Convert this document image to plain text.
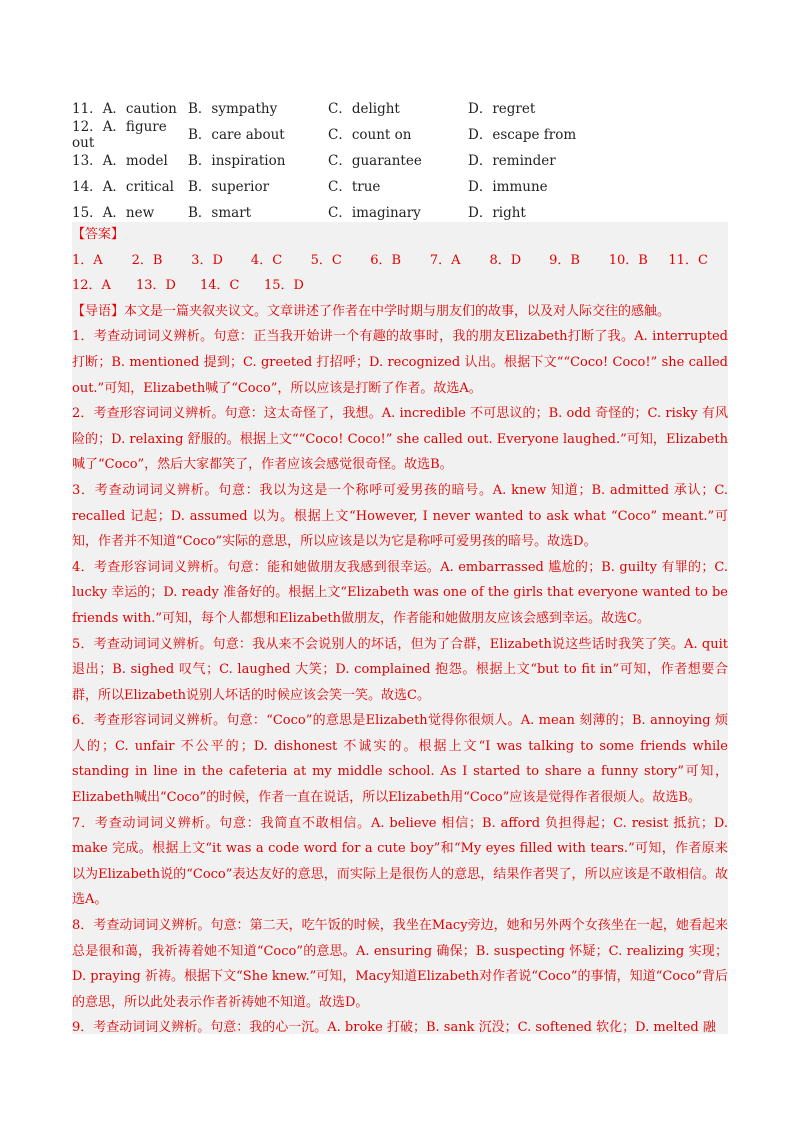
11．A．caution B．sympathy	C．delight	D．regret
12．A．figure out	B．care about	C．count on	D．escape from
13．A．model	B．inspiration	C．guarantee	D．reminder
14．A．critical	B．superior	C．true	D．immune
15．A．new	B．smart	C．imaginary	D．right
【答案】
1．A	2．B	3．D	4．C	5．C	6．B	7．A	8．D	9．B	10．B	11．C
12．A	13．D	14．C	15．D

【导语】本文是一篇夹叙夹议文。文章讲述了作者在中学时期与朋友们的故事，以及对人际交往的感触。

1．考查动词词义辨析。句意：正当我开始讲一个有趣的故事时，我的朋友Elizabeth打断了我。A. interrupted 打断；B. mentioned 提到；C. greeted 打招呼；D. recognized 认出。根据下文““Coco! Coco!” she called out.”可知，Elizabeth喊了“Coco”，所以应该是打断了作者。故选A。

2．考查形容词词义辨析。句意：这太奇怪了，我想。A. incredible 不可思议的；B. odd 奇怪的；C. risky 有风险的；D. relaxing 舒服的。根据上文““Coco! Coco!” she called out. Everyone laughed.”可知，Elizabeth喊了“Coco”，然后大家都笑了，作者应该会感觉很奇怪。故选B。

3．考查动词词义辨析。句意：我以为这是一个称呼可爱男孩的暗号。A. knew 知道；B. admitted 承认；C. recalled 记起；D. assumed 以为。根据上文“However, I never wanted to ask what “Coco” meant.”可知，作者并不知道“Coco”实际的意思，所以应该是以为它是称呼可爱男孩的暗号。故选D。

4．考查形容词词义辨析。句意：能和她做朋友我感到很幸运。A. embarrassed 尴尬的；B. guilty 有罪的；C. lucky 幸运的；D. ready 准备好的。根据上文“Elizabeth was one of the girls that everyone wanted to be friends with.”可知，每个人都想和Elizabeth做朋友，作者能和她做朋友应该会感到幸运。故选C。

5．考查动词词义辨析。句意：我从来不会说别人的坏话，但为了合群，Elizabeth说这些话时我笑了笑。A. quit 退出；B. sighed 叹气；C. laughed 大笑；D. complained 抱怨。根据上文“but to fit in”可知，作者想要合群，所以Elizabeth说别人坏话的时候应该会笑一笑。故选C。

6．考查形容词词义辨析。句意：“Coco”的意思是Elizabeth觉得你很烦人。A. mean 刻薄的；B. annoying 烦人的；C. unfair 不公平的；D. dishonest 不诚实的。根据上文“I was talking to some friends while standing in line in the cafeteria at my middle school. As I started to share a funny story”可知，Elizabeth喊出“Coco”的时候，作者一直在说话，所以Elizabeth用“Coco”应该是觉得作者很烦人。故选B。

7．考查动词词义辨析。句意：我简直不敢相信。A. believe 相信；B. afford 负担得起；C. resist 抵抗；D. make 完成。根据上文“it was a code word for a cute boy”和“My eyes filled with tears.”可知，作者原来以为Elizabeth说的“Coco”表达友好的意思，而实际上是很伤人的意思，结果作者哭了，所以应该是不敢相信。故选A。

8．考查动词词义辨析。句意：第二天，吃午饭的时候，我坐在Macy旁边，她和另外两个女孩坐在一起，她看起来总是很和蔼，我祈祷着她不知道“Coco”的意思。A. ensuring 确保；B. suspecting 怀疑；C. realizing 实现；D. praying 祈祷。根据下文“She knew.”可知，Macy知道Elizabeth对作者说“Coco”的事情，知道“Coco”背后的意思，所以此处表示作者祈祷她不知道。故选D。

9．考查动词词义辨析。句意：我的心一沉。A. broke 打破；B. sank 沉没；C. softened 软化；D. melted 融
